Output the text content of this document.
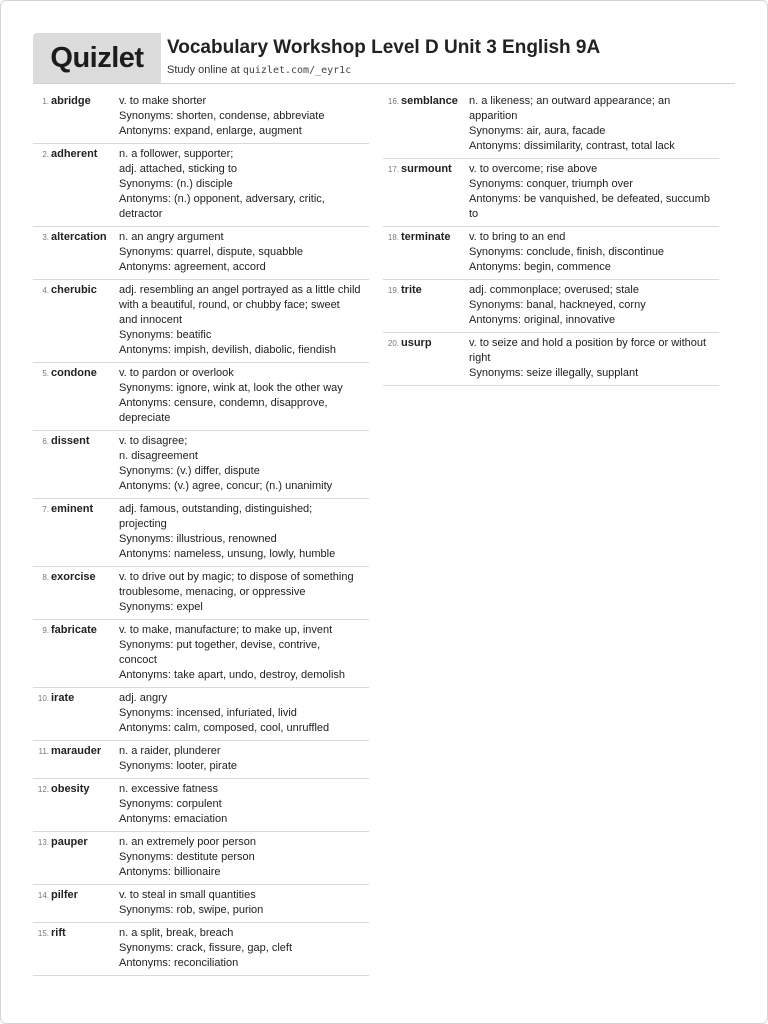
Quizlet	Vocabulary Workshop Level D Unit 3 English 9A
Study online at quizlet.com/_eyr1c
1. abridge	v. to make shorter
Synonyms: shorten, condense, abbreviate
Antonyms: expand, enlarge, augment
2. adherent	n. a follower, supporter;
adj. attached, sticking to
Synonyms: (n.) disciple
Antonyms: (n.) opponent, adversary, critic,
detractor
3. altercation	n. an angry argument
Synonyms: quarrel, dispute, squabble
Antonyms: agreement, accord
4. cherubic	adj. resembling an angel portrayed as a little child
with a beautiful, round, or chubby face; sweet
and innocent
Synonyms: beatific
Antonyms: impish, devilish, diabolic, fiendish
5. condone	v. to pardon or overlook
Synonyms: ignore, wink at, look the other way
Antonyms: censure, condemn, disapprove,
depreciate
6. dissent	v. to disagree;
n. disagreement
Synonyms: (v.) differ, dispute
Antonyms: (v.) agree, concur; (n.) unanimity
7. eminent	adj. famous, outstanding, distinguished;
projecting
Synonyms: illustrious, renowned
Antonyms: nameless, unsung, lowly, humble
8. exorcise	v. to drive out by magic; to dispose of something
troublesome, menacing, or oppressive
Synonyms: expel
9. fabricate	v. to make, manufacture; to make up, invent
Synonyms: put together, devise, contrive,
concoct
Antonyms: take apart, undo, destroy, demolish
10. irate	adj. angry
Synonyms: incensed, infuriated, livid
Antonyms: calm, composed, cool, unruffled
11. marauder	n. a raider, plunderer
Synonyms: looter, pirate
12. obesity	n. excessive fatness
Synonyms: corpulent
Antonyms: emaciation
13. pauper	n. an extremely poor person
Synonyms: destitute person
Antonyms: billionaire
14. pilfer	v. to steal in small quantities
Synonyms: rob, swipe, purion
15. rift	n. a split, break, breach
Synonyms: crack, fissure, gap, cleft
Antonyms: reconciliation
16. semblance	n. a likeness; an outward appearance; an
apparition
Synonyms: air, aura, facade
Antonyms: dissimilarity, contrast, total lack
17. surmount	v. to overcome; rise above
Synonyms: conquer, triumph over
Antonyms: be vanquished, be defeated, succumb
to
18. terminate	v. to bring to an end
Synonyms: conclude, finish, discontinue
Antonyms: begin, commence
19. trite	adj. commonplace; overused; stale
Synonyms: banal, hackneyed, corny
Antonyms: original, innovative
20. usurp	v. to seize and hold a position by force or without
right
Synonyms: seize illegally, supplant
